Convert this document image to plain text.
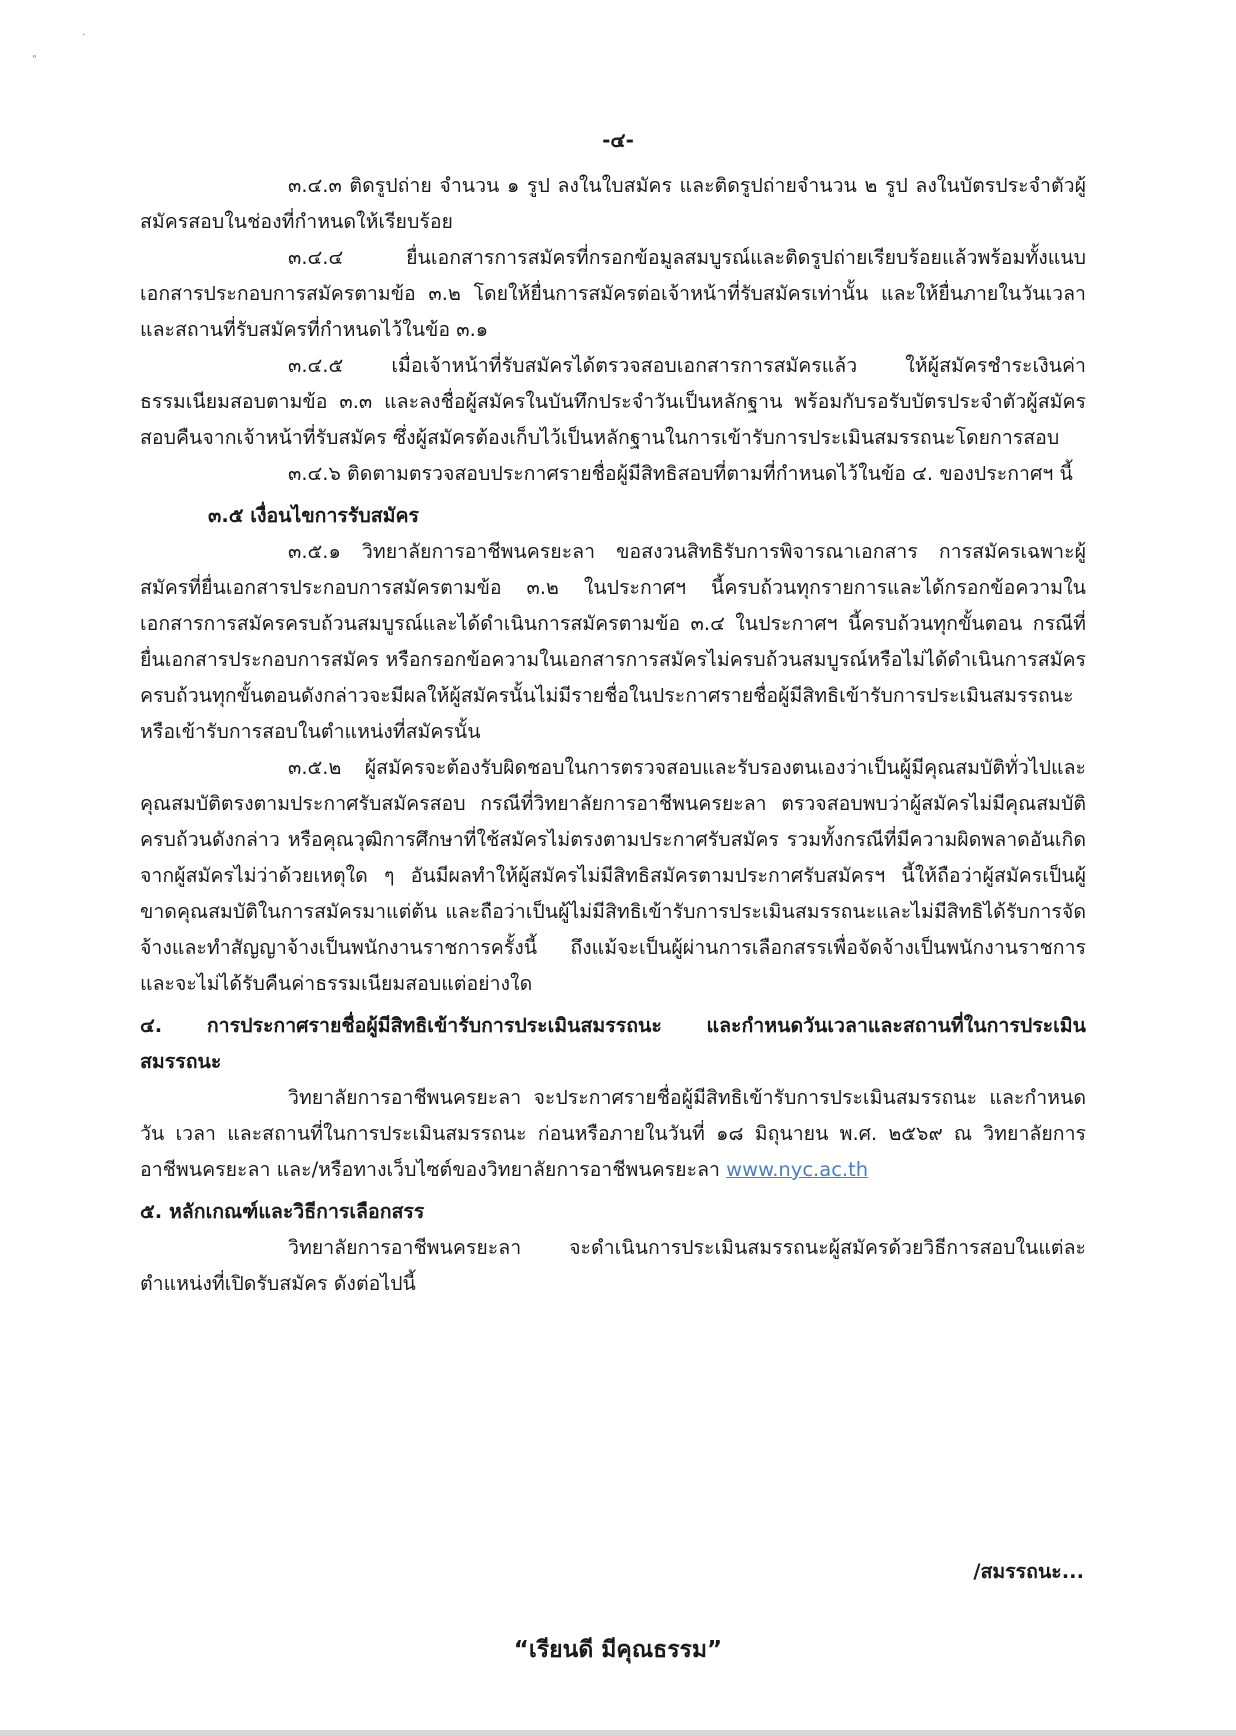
·
"
-๔-

๓.๔.๓ ติดรูปถ่าย จำนวน ๑ รูป ลงในใบสมัคร และติดรูปถ่ายจำนวน ๒ รูป ลงในบัตรประจำตัวผู้สมัครสอบในช่องที่กำหนดให้เรียบร้อย

๓.๔.๔ ยื่นเอกสารการสมัครที่กรอกข้อมูลสมบูรณ์และติดรูปถ่ายเรียบร้อยแล้วพร้อมทั้งแนบเอกสารประกอบการสมัครตามข้อ ๓.๒ โดยให้ยื่นการสมัครต่อเจ้าหน้าที่รับสมัครเท่านั้น และให้ยื่นภายในวันเวลาและสถานที่รับสมัครที่กำหนดไว้ในข้อ ๓.๑

๓.๔.๕ เมื่อเจ้าหน้าที่รับสมัครได้ตรวจสอบเอกสารการสมัครแล้ว ให้ผู้สมัครชำระเงินค่าธรรมเนียมสอบตามข้อ ๓.๓ และลงชื่อผู้สมัครในบันทึกประจำวันเป็นหลักฐาน พร้อมกับรอรับบัตรประจำตัวผู้สมัครสอบคืนจากเจ้าหน้าที่รับสมัคร ซึ่งผู้สมัครต้องเก็บไว้เป็นหลักฐานในการเข้ารับการประเมินสมรรถนะโดยการสอบ

๓.๔.๖ ติดตามตรวจสอบประกาศรายชื่อผู้มีสิทธิสอบที่ตามที่กำหนดไว้ในข้อ ๔. ของประกาศฯ นี้

๓.๕ เงื่อนไขการรับสมัคร

๓.๕.๑ วิทยาลัยการอาชีพนครยะลา ขอสงวนสิทธิรับการพิจารณาเอกสาร การสมัครเฉพาะผู้สมัครที่ยื่นเอกสารประกอบการสมัครตามข้อ ๓.๒ ในประกาศฯ นี้ครบถ้วนทุกรายการและได้กรอกข้อความในเอกสารการสมัครครบถ้วนสมบูรณ์และได้ดำเนินการสมัครตามข้อ ๓.๔ ในประกาศฯ นี้ครบถ้วนทุกขั้นตอน กรณีที่ยื่นเอกสารประกอบการสมัคร หรือกรอกข้อความในเอกสารการสมัครไม่ครบถ้วนสมบูรณ์หรือไม่ได้ดำเนินการสมัครครบถ้วนทุกขั้นตอนดังกล่าวจะมีผลให้ผู้สมัครนั้นไม่มีรายชื่อในประกาศรายชื่อผู้มีสิทธิเข้ารับการประเมินสมรรถนะหรือเข้ารับการสอบในตำแหน่งที่สมัครนั้น

๓.๕.๒ ผู้สมัครจะต้องรับผิดชอบในการตรวจสอบและรับรองตนเองว่าเป็นผู้มีคุณสมบัติทั่วไปและคุณสมบัติตรงตามประกาศรับสมัครสอบ กรณีที่วิทยาลัยการอาชีพนครยะลา ตรวจสอบพบว่าผู้สมัครไม่มีคุณสมบัติครบถ้วนดังกล่าว หรือคุณวุฒิการศึกษาที่ใช้สมัครไม่ตรงตามประกาศรับสมัคร รวมทั้งกรณีที่มีความผิดพลาดอันเกิดจากผู้สมัครไม่ว่าด้วยเหตุใด ๆ อันมีผลทำให้ผู้สมัครไม่มีสิทธิสมัครตามประกาศรับสมัครฯ นี้ให้ถือว่าผู้สมัครเป็นผู้ขาดคุณสมบัติในการสมัครมาแต่ต้น และถือว่าเป็นผู้ไม่มีสิทธิเข้ารับการประเมินสมรรถนะและไม่มีสิทธิได้รับการจัดจ้างและทำสัญญาจ้างเป็นพนักงานราชการครั้งนี้ ถึงแม้จะเป็นผู้ผ่านการเลือกสรรเพื่อจัดจ้างเป็นพนักงานราชการและจะไม่ได้รับคืนค่าธรรมเนียมสอบแต่อย่างใด

๔. การประกาศรายชื่อผู้มีสิทธิเข้ารับการประเมินสมรรถนะ และกำหนดวันเวลาและสถานที่ในการประเมินสมรรถนะ

วิทยาลัยการอาชีพนครยะลา จะประกาศรายชื่อผู้มีสิทธิเข้ารับการประเมินสมรรถนะ และกำหนดวัน เวลา และสถานที่ในการประเมินสมรรถนะ ก่อนหรือภายในวันที่ ๑๘ มิถุนายน พ.ศ. ๒๕๖๙ ณ วิทยาลัยการอาชีพนครยะลา และ/หรือทางเว็บไซต์ของวิทยาลัยการอาชีพนครยะลา www.nyc.ac.th

๕. หลักเกณฑ์และวิธีการเลือกสรร

วิทยาลัยการอาชีพนครยะลา จะดำเนินการประเมินสมรรถนะผู้สมัครด้วยวิธีการสอบในแต่ละตำแหน่งที่เปิดรับสมัคร ดังต่อไปนี้

/สมรรถนะ...
“เรียนดี มีคุณธรรม”
